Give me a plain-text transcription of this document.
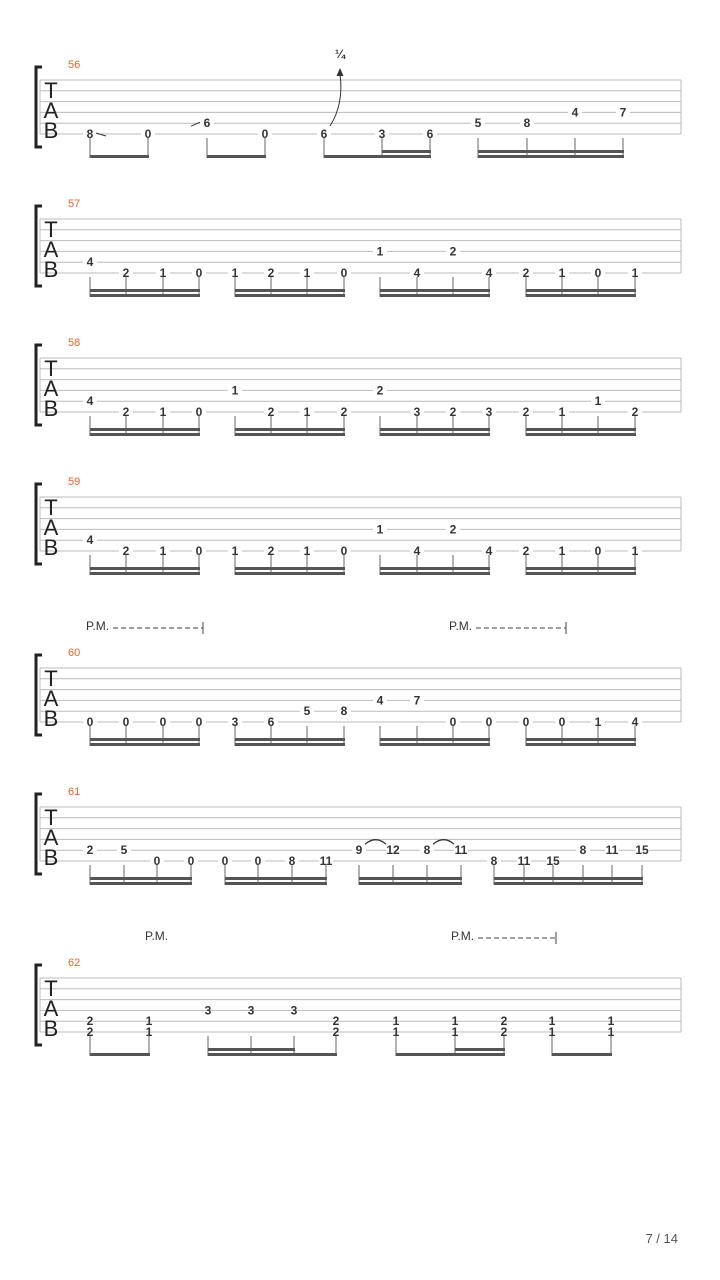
T
A
B
56
8	0
6
0	6	3	6
5	8
4	7
¼
T
A
B
57
4
2	1 0 1 2 1	0
1
4
2
4	2 1 0	1
T
A
B
58
4
2	1 0
1
2 1	2
2
3 2 3	2 1
1
2
T
A
B
59
4
2	1 0 1 2 1	0
1
4
2
4	2 1 0	1
T
A
B
60
0 0	0 0 3 6
5	8
4	7
0 0	0 0 1	4
P.M.	P.M.
T
A
B
61
2 5
0 0 0 0 8 11
9 12 8 11
8 11 15
8 11 15
T
A
B
62
2
2
1
1
3	3	3
2
2
1
1
1
1
2
2
1
1
1
1
P.M.	P.M.
7 / 14
